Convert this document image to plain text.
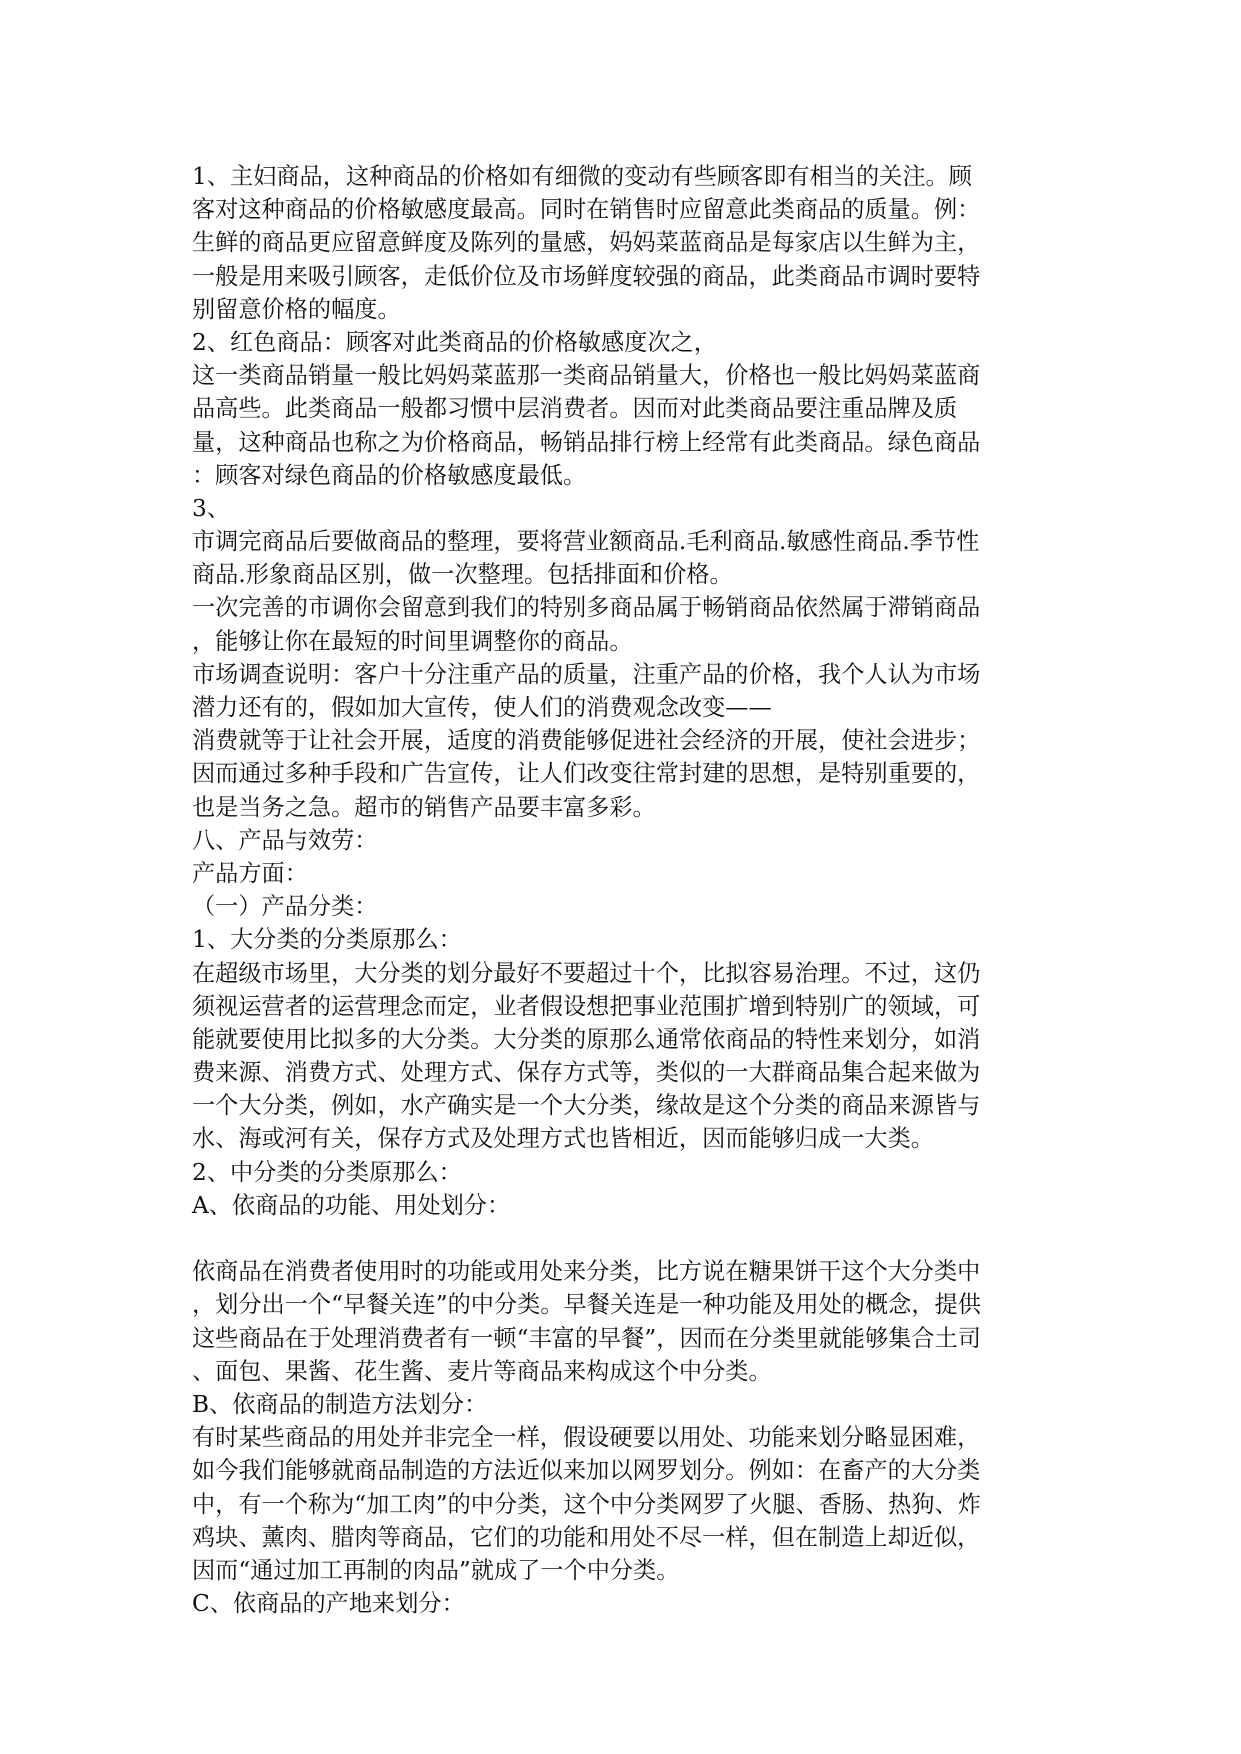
1、主妇商品，这种商品的价格如有细微的变动有些顾客即有相当的关注。顾
客对这种商品的价格敏感度最高。同时在销售时应留意此类商品的质量。例：
生鲜的商品更应留意鲜度及陈列的量感，妈妈菜蓝商品是每家店以生鲜为主，
一般是用来吸引顾客，走低价位及市场鲜度较强的商品，此类商品市调时要特
别留意价格的幅度。
2、红色商品：顾客对此类商品的价格敏感度次之，
这一类商品销量一般比妈妈菜蓝那一类商品销量大，价格也一般比妈妈菜蓝商
品高些。此类商品一般都习惯中层消费者。因而对此类商品要注重品牌及质
量，这种商品也称之为价格商品，畅销品排行榜上经常有此类商品。绿色商品
：顾客对绿色商品的价格敏感度最低。
3、
市调完商品后要做商品的整理，要将营业额商品.毛利商品.敏感性商品.季节性
商品.形象商品区别，做一次整理。包括排面和价格。
一次完善的市调你会留意到我们的特别多商品属于畅销商品依然属于滞销商品
，能够让你在最短的时间里调整你的商品。
市场调查说明：客户十分注重产品的质量，注重产品的价格，我个人认为市场
潜力还有的，假如加大宣传，使人们的消费观念改变——
消费就等于让社会开展，适度的消费能够促进社会经济的开展，使社会进步；
因而通过多种手段和广告宣传，让人们改变往常封建的思想，是特别重要的，
也是当务之急。超市的销售产品要丰富多彩。
八、产品与效劳：
产品方面：
（一）产品分类：
1、大分类的分类原那么：
在超级市场里，大分类的划分最好不要超过十个，比拟容易治理。不过，这仍
须视运营者的运营理念而定，业者假设想把事业范围扩增到特别广的领域，可
能就要使用比拟多的大分类。大分类的原那么通常依商品的特性来划分，如消
费来源、消费方式、处理方式、保存方式等，类似的一大群商品集合起来做为
一个大分类，例如，水产确实是一个大分类，缘故是这个分类的商品来源皆与
水、海或河有关，保存方式及处理方式也皆相近，因而能够归成一大类。
2、中分类的分类原那么：
A、依商品的功能、用处划分：
依商品在消费者使用时的功能或用处来分类，比方说在糖果饼干这个大分类中
，划分出一个“早餐关连”的中分类。早餐关连是一种功能及用处的概念，提供
这些商品在于处理消费者有一顿“丰富的早餐”，因而在分类里就能够集合土司
、面包、果酱、花生酱、麦片等商品来构成这个中分类。
B、依商品的制造方法划分：
有时某些商品的用处并非完全一样，假设硬要以用处、功能来划分略显困难，
如今我们能够就商品制造的方法近似来加以网罗划分。例如：在畜产的大分类
中，有一个称为“加工肉”的中分类，这个中分类网罗了火腿、香肠、热狗、炸
鸡块、薰肉、腊肉等商品，它们的功能和用处不尽一样，但在制造上却近似，
因而“通过加工再制的肉品”就成了一个中分类。
C、依商品的产地来划分：
